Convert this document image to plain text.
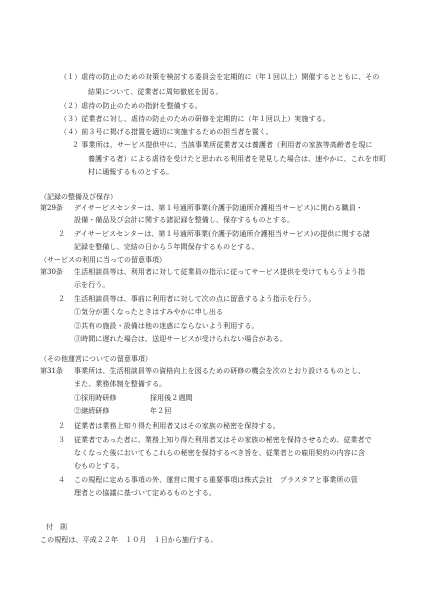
（１）虐待の防止のための対策を検討する委員会を定期的に（年１回以上）開催するとともに、その
結果について、従業者に周知徹底を図る。
（２）虐待の防止のための指針を整備する。
（３）従業者に対し、虐待の防止のための研修を定期的に（年１回以上）実施する。
（４）前３号に掲げる措置を適切に実施するための担当者を置く。
２ 事業所は、サービス提供中に、当該事業所従業者又は養護者（利用者の家族等高齢者を現に
養護する者）による虐待を受けたと思われる利用者を発見した場合は、速やかに、これを市町
村に通報するものとする。
（記録の整備及び保存）
第29条 デイサービスセンターは、第１号通所事業(介護予防通所介護相当サービス)に関わる職員・
設備・備品及び会計に関する諸記録を整備し、保存するものとする。
２ デイサービスセンターは、第１号通所事業(介護予防通所介護相当サービス)の提供に関する諸
記録を整備し、完結の日から５年間保存するものとする。
（サービスの利用に当っての留意事項）
第30条 生活相談員等は、利用者に対して従業員の指示に従ってサービス提供を受けてもらうよう指
示を行う。
２ 生活相談員等は、事前に利用者に対して次の点に留意するよう指示を行う。
①気分が悪くなったときはすみやかに申し出る
②共有の施設・設備は他の迷惑にならないよう利用する。
③時間に遅れた場合は、送迎サービスが受けられない場合がある。
（その他運営についての留意事項）
第31条 事業所は、生活相談員等の資格向上を図るための研修の機会を次のとおり設けるものとし、
また、業務体制を整備する。
①採用時研修	採用後２週間
②継続研修	年２回
２ 従業者は業務上知り得た利用者又はその家族の秘密を保持する。
３ 従業者であった者に、業務上知り得た利用者又はその家族の秘密を保持させるため、従業者で
なくなった後においてもこれらの秘密を保持するべき旨を、従業者との雇用契約の内容に含
むものとする。
４ この規程に定める事項の外、運営に関する重要事項は株式会社　プラスタアと事業所の管
理者との協議に基づいて定めるものとする。
付　則
この規程は、平成２２年　１０月　１日から施行する。
